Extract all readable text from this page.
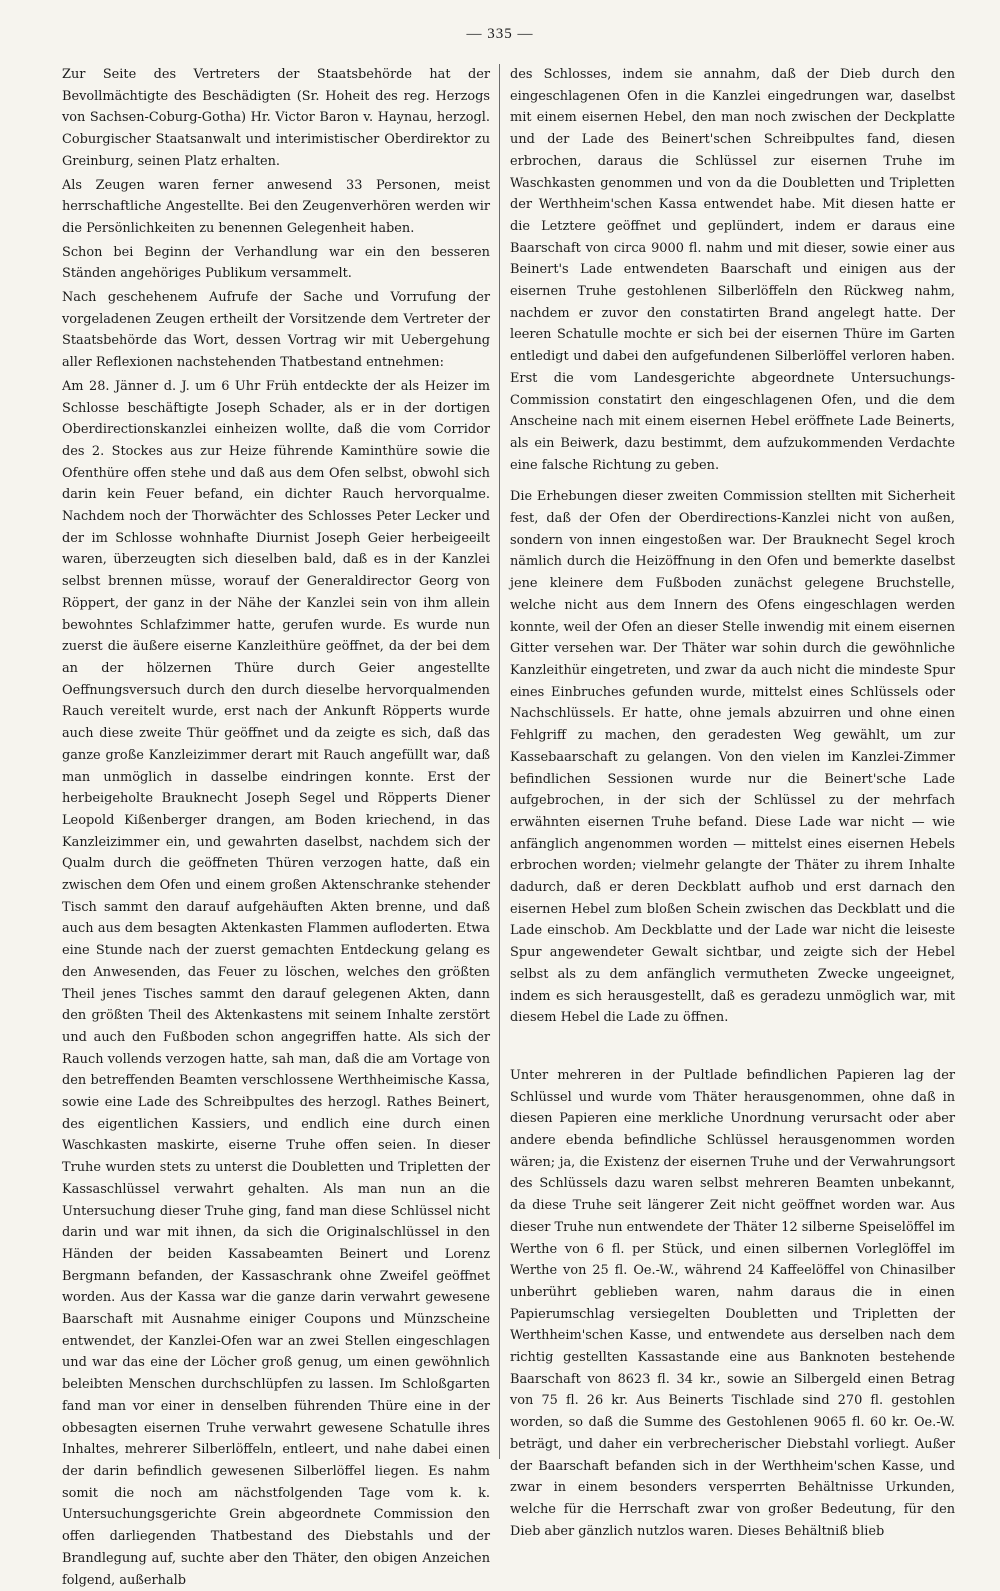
— 335 —

Zur Seite des Vertreters der Staatsbehörde hat der Bevollmächtigte des Beschädigten (Sr. Hoheit des reg. Herzogs von Sachsen-Coburg-Gotha) Hr. Victor Baron v. Haynau, herzogl. Coburgischer Staatsanwalt und interimistischer Oberdirektor zu Greinburg, seinen Platz erhalten.

Als Zeugen waren ferner anwesend 33 Personen, meist herrschaftliche Angestellte. Bei den Zeugenverhören werden wir die Persönlichkeiten zu benennen Gelegenheit haben.

Schon bei Beginn der Verhandlung war ein den besseren Ständen angehöriges Publikum versammelt.

Nach geschehenem Aufrufe der Sache und Vorrufung der vorgeladenen Zeugen ertheilt der Vorsitzende dem Vertreter der Staatsbehörde das Wort, dessen Vortrag wir mit Uebergehung aller Reflexionen nachstehenden Thatbestand entnehmen:

Am 28. Jänner d. J. um 6 Uhr Früh entdeckte der als Heizer im Schlosse beschäftigte Joseph Schader, als er in der dortigen Oberdirectionskanzlei einheizen wollte, daß die vom Corridor des 2. Stockes aus zur Heize führende Kaminthüre sowie die Ofenthüre offen stehe und daß aus dem Ofen selbst, obwohl sich darin kein Feuer befand, ein dichter Rauch hervorqualme. Nachdem noch der Thorwächter des Schlosses Peter Lecker und der im Schlosse wohnhafte Diurnist Joseph Geier herbeigeeilt waren, überzeugten sich dieselben bald, daß es in der Kanzlei selbst brennen müsse, worauf der Generaldirector Georg von Röppert, der ganz in der Nähe der Kanzlei sein von ihm allein bewohntes Schlafzimmer hatte, gerufen wurde. Es wurde nun zuerst die äußere eiserne Kanzleithüre geöffnet, da der bei dem an der hölzernen Thüre durch Geier angestellte Oeffnungsversuch durch den durch dieselbe hervorqualmenden Rauch vereitelt wurde, erst nach der Ankunft Röpperts wurde auch diese zweite Thür geöffnet und da zeigte es sich, daß das ganze große Kanzleizimmer derart mit Rauch angefüllt war, daß man unmöglich in dasselbe eindringen konnte. Erst der herbeigeholte Brauknecht Joseph Segel und Röpperts Diener Leopold Kißenberger drangen, am Boden kriechend, in das Kanzleizimmer ein, und gewahrten daselbst, nachdem sich der Qualm durch die geöffneten Thüren verzogen hatte, daß ein zwischen dem Ofen und einem großen Aktenschranke stehender Tisch sammt den darauf aufgehäuften Akten brenne, und daß auch aus dem besagten Aktenkasten Flammen aufloderten. Etwa eine Stunde nach der zuerst gemachten Entdeckung gelang es den Anwesenden, das Feuer zu löschen, welches den größten Theil jenes Tisches sammt den darauf gelegenen Akten, dann den größten Theil des Aktenkastens mit seinem Inhalte zerstört und auch den Fußboden schon angegriffen hatte. Als sich der Rauch vollends verzogen hatte, sah man, daß die am Vortage von den betreffenden Beamten verschlossene Werthheimische Kassa, sowie eine Lade des Schreibpultes des herzogl. Rathes Beinert, des eigentlichen Kassiers, und endlich eine durch einen Waschkasten maskirte, eiserne Truhe offen seien. In dieser Truhe wurden stets zu unterst die Doubletten und Tripletten der Kassaschlüssel verwahrt gehalten. Als man nun an die Untersuchung dieser Truhe ging, fand man diese Schlüssel nicht darin und war mit ihnen, da sich die Originalschlüssel in den Händen der beiden Kassabeamten Beinert und Lorenz Bergmann befanden, der Kassaschrank ohne Zweifel geöffnet worden. Aus der Kassa war die ganze darin verwahrt gewesene Baarschaft mit Ausnahme einiger Coupons und Münzscheine entwendet, der Kanzlei-Ofen war an zwei Stellen eingeschlagen und war das eine der Löcher groß genug, um einen gewöhnlich beleibten Menschen durchschlüpfen zu lassen. Im Schloßgarten fand man vor einer in denselben führenden Thüre eine in der obbesagten eisernen Truhe verwahrt gewesene Schatulle ihres Inhaltes, mehrerer Silberlöffeln, entleert, und nahe dabei einen der darin befindlich gewesenen Silberlöffel liegen. Es nahm somit die noch am nächstfolgenden Tage vom k. k. Untersuchungsgerichte Grein abgeordnete Commission den offen darliegenden Thatbestand des Diebstahls und der Brandlegung auf, suchte aber den Thäter, den obigen Anzeichen folgend, außerhalb

des Schlosses, indem sie annahm, daß der Dieb durch den eingeschlagenen Ofen in die Kanzlei eingedrungen war, daselbst mit einem eisernen Hebel, den man noch zwischen der Deckplatte und der Lade des Beinert'schen Schreibpultes fand, diesen erbrochen, daraus die Schlüssel zur eisernen Truhe im Waschkasten genommen und von da die Doubletten und Tripletten der Werthheim'schen Kassa entwendet habe. Mit diesen hatte er die Letztere geöffnet und geplündert, indem er daraus eine Baarschaft von circa 9000 fl. nahm und mit dieser, sowie einer aus Beinert's Lade entwendeten Baarschaft und einigen aus der eisernen Truhe gestohlenen Silberlöffeln den Rückweg nahm, nachdem er zuvor den constatirten Brand angelegt hatte. Der leeren Schatulle mochte er sich bei der eisernen Thüre im Garten entledigt und dabei den aufgefundenen Silberlöffel verloren haben. Erst die vom Landesgerichte abgeordnete Untersuchungs-Commission constatirt den eingeschlagenen Ofen, und die dem Anscheine nach mit einem eisernen Hebel eröffnete Lade Beinerts, als ein Beiwerk, dazu bestimmt, dem aufzukommenden Verdachte eine falsche Richtung zu geben.

Die Erhebungen dieser zweiten Commission stellten mit Sicherheit fest, daß der Ofen der Oberdirections-Kanzlei nicht von außen, sondern von innen eingestoßen war. Der Brauknecht Segel kroch nämlich durch die Heizöffnung in den Ofen und bemerkte daselbst jene kleinere dem Fußboden zunächst gelegene Bruchstelle, welche nicht aus dem Innern des Ofens eingeschlagen werden konnte, weil der Ofen an dieser Stelle inwendig mit einem eisernen Gitter versehen war. Der Thäter war sohin durch die gewöhnliche Kanzleithür eingetreten, und zwar da auch nicht die mindeste Spur eines Einbruches gefunden wurde, mittelst eines Schlüssels oder Nachschlüssels. Er hatte, ohne jemals abzuirren und ohne einen Fehlgriff zu machen, den geradesten Weg gewählt, um zur Kassebaarschaft zu gelangen. Von den vielen im Kanzlei-Zimmer befindlichen Sessionen wurde nur die Beinert'sche Lade aufgebrochen, in der sich der Schlüssel zu der mehrfach erwähnten eisernen Truhe befand. Diese Lade war nicht — wie anfänglich angenommen worden — mittelst eines eisernen Hebels erbrochen worden; vielmehr gelangte der Thäter zu ihrem Inhalte dadurch, daß er deren Deckblatt aufhob und erst darnach den eisernen Hebel zum bloßen Schein zwischen das Deckblatt und die Lade einschob. Am Deckblatte und der Lade war nicht die leiseste Spur angewendeter Gewalt sichtbar, und zeigte sich der Hebel selbst als zu dem anfänglich vermutheten Zwecke ungeeignet, indem es sich herausgestellt, daß es geradezu unmöglich war, mit diesem Hebel die Lade zu öffnen.

Unter mehreren in der Pultlade befindlichen Papieren lag der Schlüssel und wurde vom Thäter herausgenommen, ohne daß in diesen Papieren eine merkliche Unordnung verursacht oder aber andere ebenda befindliche Schlüssel herausgenommen worden wären; ja, die Existenz der eisernen Truhe und der Verwahrungsort des Schlüssels dazu waren selbst mehreren Beamten unbekannt, da diese Truhe seit längerer Zeit nicht geöffnet worden war. Aus dieser Truhe nun entwendete der Thäter 12 silberne Speiselöffel im Werthe von 6 fl. per Stück, und einen silbernen Vorleglöffel im Werthe von 25 fl. Oe.-W., während 24 Kaffeelöffel von Chinasilber unberührt geblieben waren, nahm daraus die in einen Papierumschlag versiegelten Doubletten und Tripletten der Werthheim'schen Kasse, und entwendete aus derselben nach dem richtig gestellten Kassastande eine aus Banknoten bestehende Baarschaft von 8623 fl. 34 kr., sowie an Silbergeld einen Betrag von 75 fl. 26 kr. Aus Beinerts Tischlade sind 270 fl. gestohlen worden, so daß die Summe des Gestohlenen 9065 fl. 60 kr. Oe.-W. beträgt, und daher ein verbrecherischer Diebstahl vorliegt. Außer der Baarschaft befanden sich in der Werthheim'schen Kasse, und zwar in einem besonders versperrten Behältnisse Urkunden, welche für die Herrschaft zwar von großer Bedeutung, für den Dieb aber gänzlich nutzlos waren. Dieses Behältniß blieb
